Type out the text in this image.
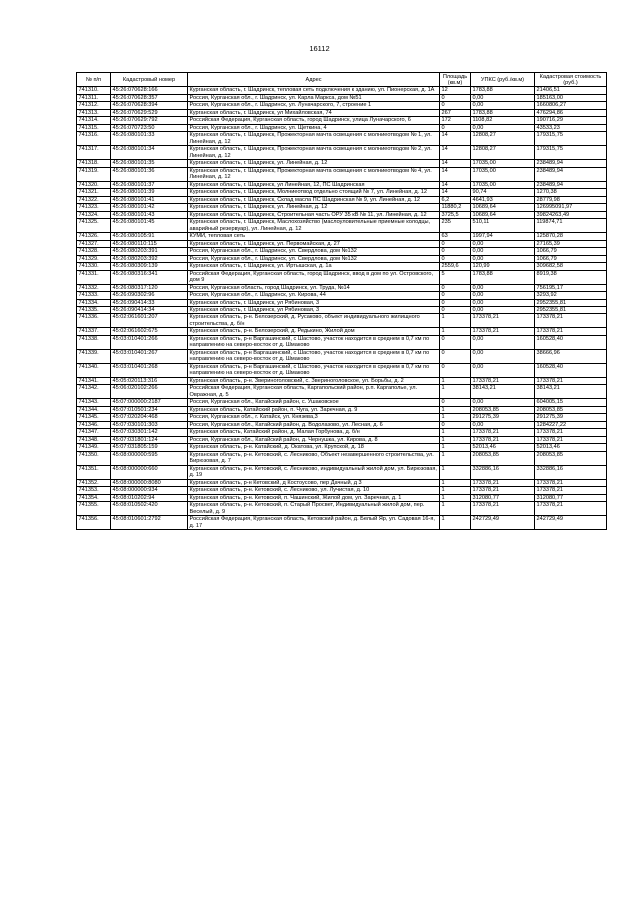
16112
№ п/п	Кадастровый номер	Адрес	Площадь (кв.м)	УПКС (руб./кв.м)	Кадастровая стоимость (руб.)
741310.	45:26:070628:166	Курганская область, г. Шадринск, тепловая сеть подключения к зданию, ул. Пионерская, д. 1А	12	1783,88	21406,51
741311.	45:26:070628:357	Россия, Курганская обл., г. Шадринск, ул. Карла Маркса, дом №51	0	0,00	185163,00
741312.	45:26:070628:394	Россия, Курганская обл., г. Шадринск, ул. Луначарского, 7, строение 1	0	0,00	1660806,27
741313.	45:26:070629:529	Курганская область, г. Шадринск, ул Михайловская, 74	267	1783,88	476294,86
741314.	45:26:070629:792	Российская Федерация, Курганская область, город Шадринск, улица Луначарского, 6	172	1108,82	190716,29
741315.	45:26:070723:50	Россия, Курганская обл., г. Шадринск, ул. Щеткина, 4	0	0,00	43533,23
741316.	45:26:080101:33	Курганская область, г. Шадринск, Прожекторная мачта освещения с молниеотводом № 1, ул. Линейная, д. 12	14	12808,27	179315,75
741317.	45:26:080101:34	Курганская область, г. Шадринск, Прожекторная мачта освещения с молниеотводом № 2, ул. Линейная, д. 12	14	12808,27	179315,75
741318.	45:26:080101:35	Курганская область, г. Шадринск, ул. Линейная, д. 12	14	17035,00	238489,94
741319.	45:26:080101:36	Курганская область, г. Шадринск, Прожекторная мачта освещения с молниеотводом № 4, ул. Линейная, д. 12	14	17035,00	238489,94
741320.	45:26:080101:37	Курганская область, г. Шадринск, ул Линейная, 12, ПС Шадринская	14	17035,00	238489,94
741321.	45:26:080101:39	Курганская область, г. Шадринск, Молниеотвод отдельно стоящий № 7, ул. Линейная, д. 12	14	90,74	1270,38
741322.	45:26:080101:41	Курганская область, г. Шадринск, Склад масла ПС Шадринская № 9, ул. Линейная, д. 12	6,2	4641,93	28779,98
741323.	45:26:080101:42	Курганская область, г. Шадринск, ул. Линейная, д. 12	11880,2	10689,64	126995091,97
741324.	45:26:080101:43	Курганская область, г. Шадринск, Строительная часть ОРУ 35 кВ № 11, ул. Линейная, д. 12	3725,5	10689,64	39824263,49
741325.	45:26:080101:45	Курганская область, г. Шадринск, Маслохозяйство (маслоуловительные приемные колодцы, аварийный резервуар), ул. Линейная, д. 12	235	510,11	119874,71
741326.	45:26:080105:91	КУМИ, тепловая сеть	63	1997,94	125870,28
741327.	45:26:080110:115	Курганская область, г. Шадринск, ул. Первомайская, д. 27	0	0,00	27165,39
741328.	45:26:080203:391	Россия, Курганская обл., г. Шадринск, ул. Свердлова, дом №132	0	0,00	1066,79
741329.	45:26:080203:392	Россия, Курганская обл., г. Шадринск, ул. Свердлова, дом №132	0	0,00	1066,79
741330.	45:26:080309:139	Курганская область, г. Шадринск, ул. Иртышская, д. 1а	2559,6	120,99	309682,58
741331.	45:26:080316:341	Российская Федерация, Курганская область, город Шадринск, ввод в дом по ул. Островского, дом 9	5	1783,88	8919,38
741332.	45:26:080317:120	Россия, Курганская область, город Шадринск, ул. Труда, №14	0	0,00	756195,17
741333.	45:26:090302:96	Россия, Курганская обл., г. Шадринск, ул. Кирова, 44	0	0,00	3293,92
741334.	45:26:090414:33	Курганская область, г. Шадринск, ул Рябиновая, 3	0	0,00	2952355,81
741335.	45:26:090414:34	Курганская область, г. Шадринск, ул Рябиновая, 3	0	0,00	2952355,81
741336.	45:02:061601:207	Курганская область, р-н. Белозерский, д. Русаково, объект индивидуального жилищного строительства, д. б/н	1	173378,21	173378,21
741337.	45:02:061602:675	Курганская область, р-н. Белозерский, д. Редькино, Жилой дом	1	173378,21	173378,21
741338.	45:03:010401:266	Курганская область, р-н Варгашинский, с Шастово, участок находится в среднем в 0,7 км по направлению на северо-восток от д. Шмаково	0	0,00	160528,40
741339.	45:03:010401:267	Курганская область, р-н Варгашинский, с Шастово, участок находится в среднем в 0,7 км по направлению на северо-восток от д. Шмаково	0	0,00	38666,96
741340.	45:03:010401:268	Курганская область, р-н Варгашинский, с Шастово, участок находится в среднем в 0,7 км по направлению на северо-восток от д. Шмаково	0	0,00	160528,40
741341.	45:05:020113:316	Курганская область, р-н. Звериноголовский, с. Звериноголовское, ул. Борьбы, д. 2	1	173378,21	173378,21
741342.	45:06:020102:266	Российская Федерация, Курганская область, Каргапольский район, р.п. Каргаполье, ул. Овражная, д. 5	1	38143,21	38143,21
741343.	45:07:000000:2187	Россия, Курганская обл., Катайский район, с. Ушаковское	0	0,00	604005,15
741344.	45:07:010501:234	Курганская область, Катайский район, п. Чуга, ул. Заречная, д. 9	1	208053,85	208053,85
741345.	45:07:020204:468	Россия, Курганская обл., г. Катайск, ул. Князева,3	1	291275,39	291275,39
741346.	45:07:030101:303	Россия, Курганская обл., Катайский район, д. Водолазово, ул. Лесная, д. 6	0	0,00	1284227,22
741347.	45:07:030301:142	Курганская область, Катайский район, д. Малая Горбунова, д. б/н	1	173378,21	173378,21
741348.	45:07:031801:124	Россия, Курганская обл., Катайский район, д. Чернушка, ул. Кирова, д. 8	1	173378,21	173378,21
741349.	45:07:031805:159	Курганская область, р-н. Катайский, д. Окатова, ул. Крупской, д. 18	1	52013,46	52013,46
741350.	45:08:000000:595	Курганская область, р-н. Кетовский, с. Лесниково, Объект незавершенного строительства, ул. Бирюзовая, д. 7	1	208053,85	208053,85
741351.	45:08:000000:660	Курганская область, р-н. Кетовский, с. Лесниково, индивидуальный жилой дом, ул. Бирюзовая, д. 19	1	332886,16	332886,16
741352.	45:08:000000:8080	Курганская область, р-н Кетовский, д Костоусово, пер Дачный, д 3	1	173378,21	173378,21
741353.	45:08:000000:934	Курганская область, р-н. Кетовский, с. Лесниково, ул. Лучистая, д. 10	1	173378,21	173378,21
741354.	45:08:010202:94	Курганская область, р-н. Кетовский, п. Чашинский, Жилой дом, ул. Заречная, д. 1	1	312080,77	312080,77
741355.	45:08:010502:420	Курганская область, р-н. Кетовский, п. Старый Просвет, Индивидуальный жилой дом, пер. Веселый, д. 9	1	173378,21	173378,21
741356.	45:08:010601:2792	Российская Федерация, Курганская область, Кетовский район, д. Белый Яр, ул. Садовая 16-я, д. 17	1	242729,49	242729,49
